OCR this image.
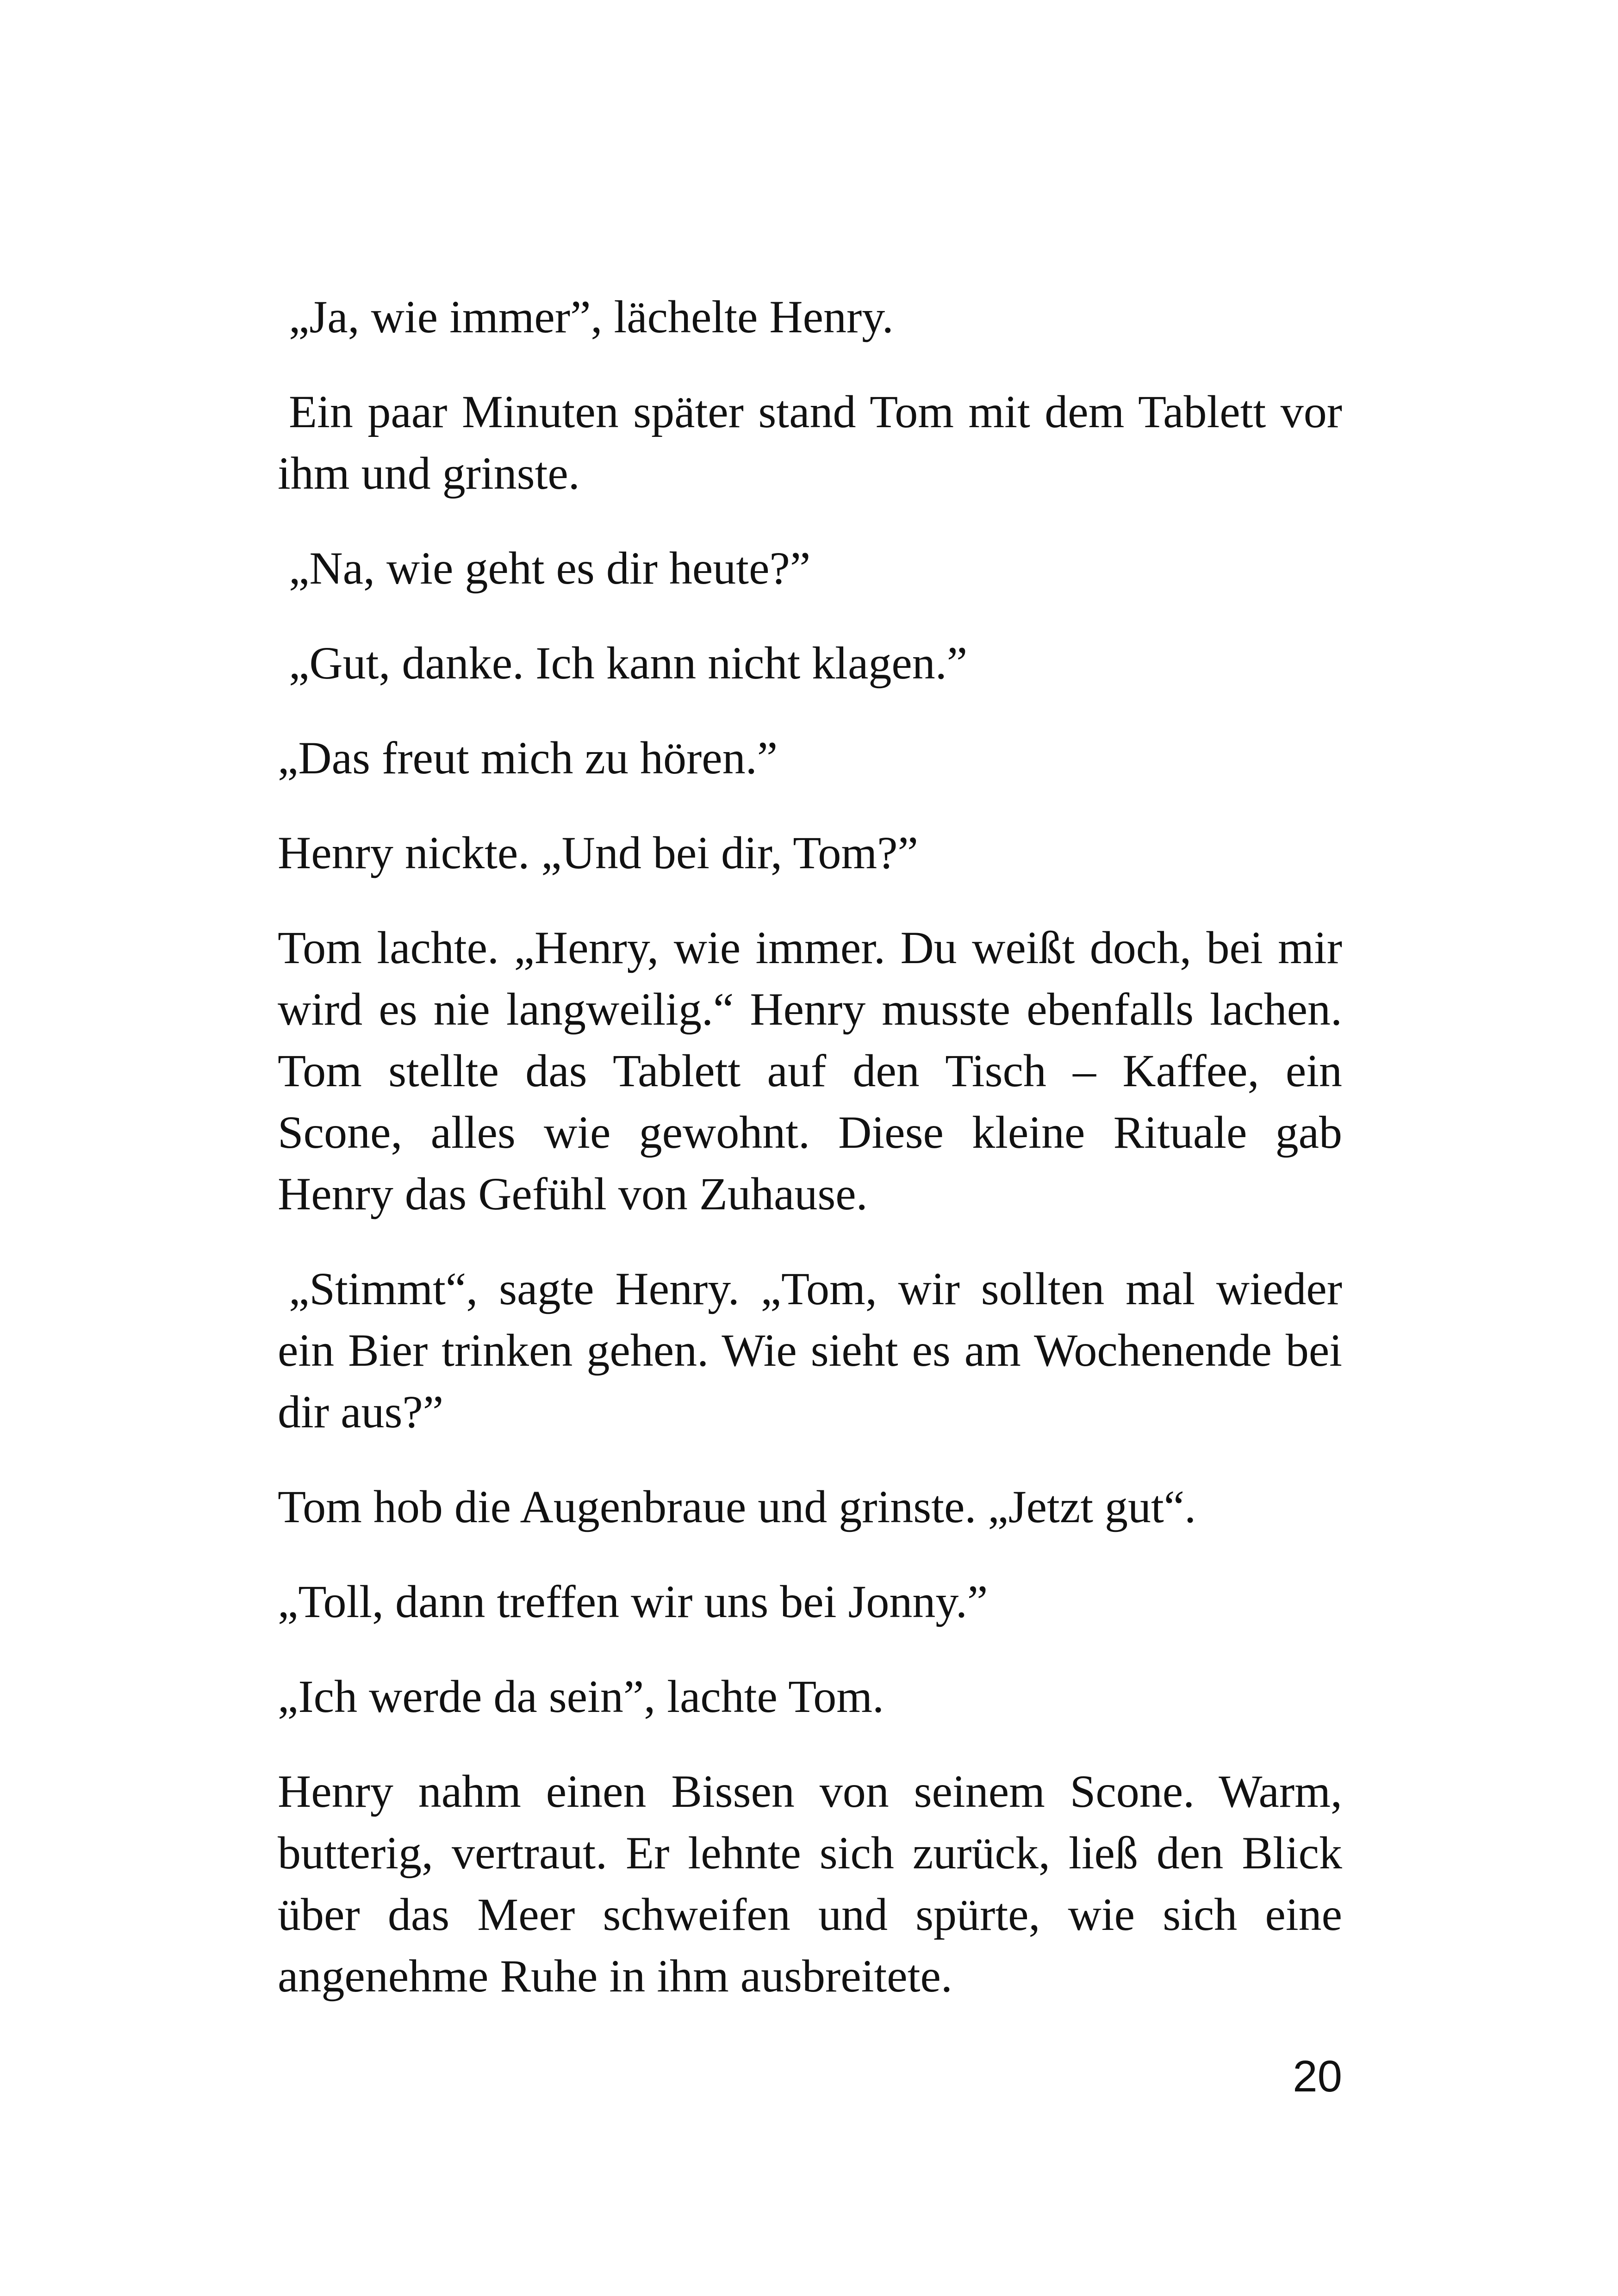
„Ja, wie immer”, lächelte Henry.

Ein paar Minuten später stand Tom mit dem Tablett vor ihm und grinste.

„Na, wie geht es dir heute?”

„Gut, danke. Ich kann nicht klagen.”

„Das freut mich zu hören.”

Henry nickte. „Und bei dir, Tom?”

Tom lachte. „Henry, wie immer. Du weißt doch, bei mir wird es nie langweilig.“ Henry musste ebenfalls lachen. Tom stellte das Tablett auf den Tisch – Kaffee, ein Scone, alles wie gewohnt. Diese kleine Rituale gab Henry das Gefühl von Zuhause.

„Stimmt“, sagte Henry. „Tom, wir sollten mal wieder ein Bier trinken gehen. Wie sieht es am Wochenende bei dir aus?”

Tom hob die Augenbraue und grinste. „Jetzt gut“.

„Toll, dann treffen wir uns bei Jonny.”

„Ich werde da sein”, lachte Tom.

Henry nahm einen Bissen von seinem Scone. Warm, butterig, vertraut. Er lehnte sich zurück, ließ den Blick über das Meer schweifen und spürte, wie sich eine angenehme Ruhe in ihm ausbreitete.

20
